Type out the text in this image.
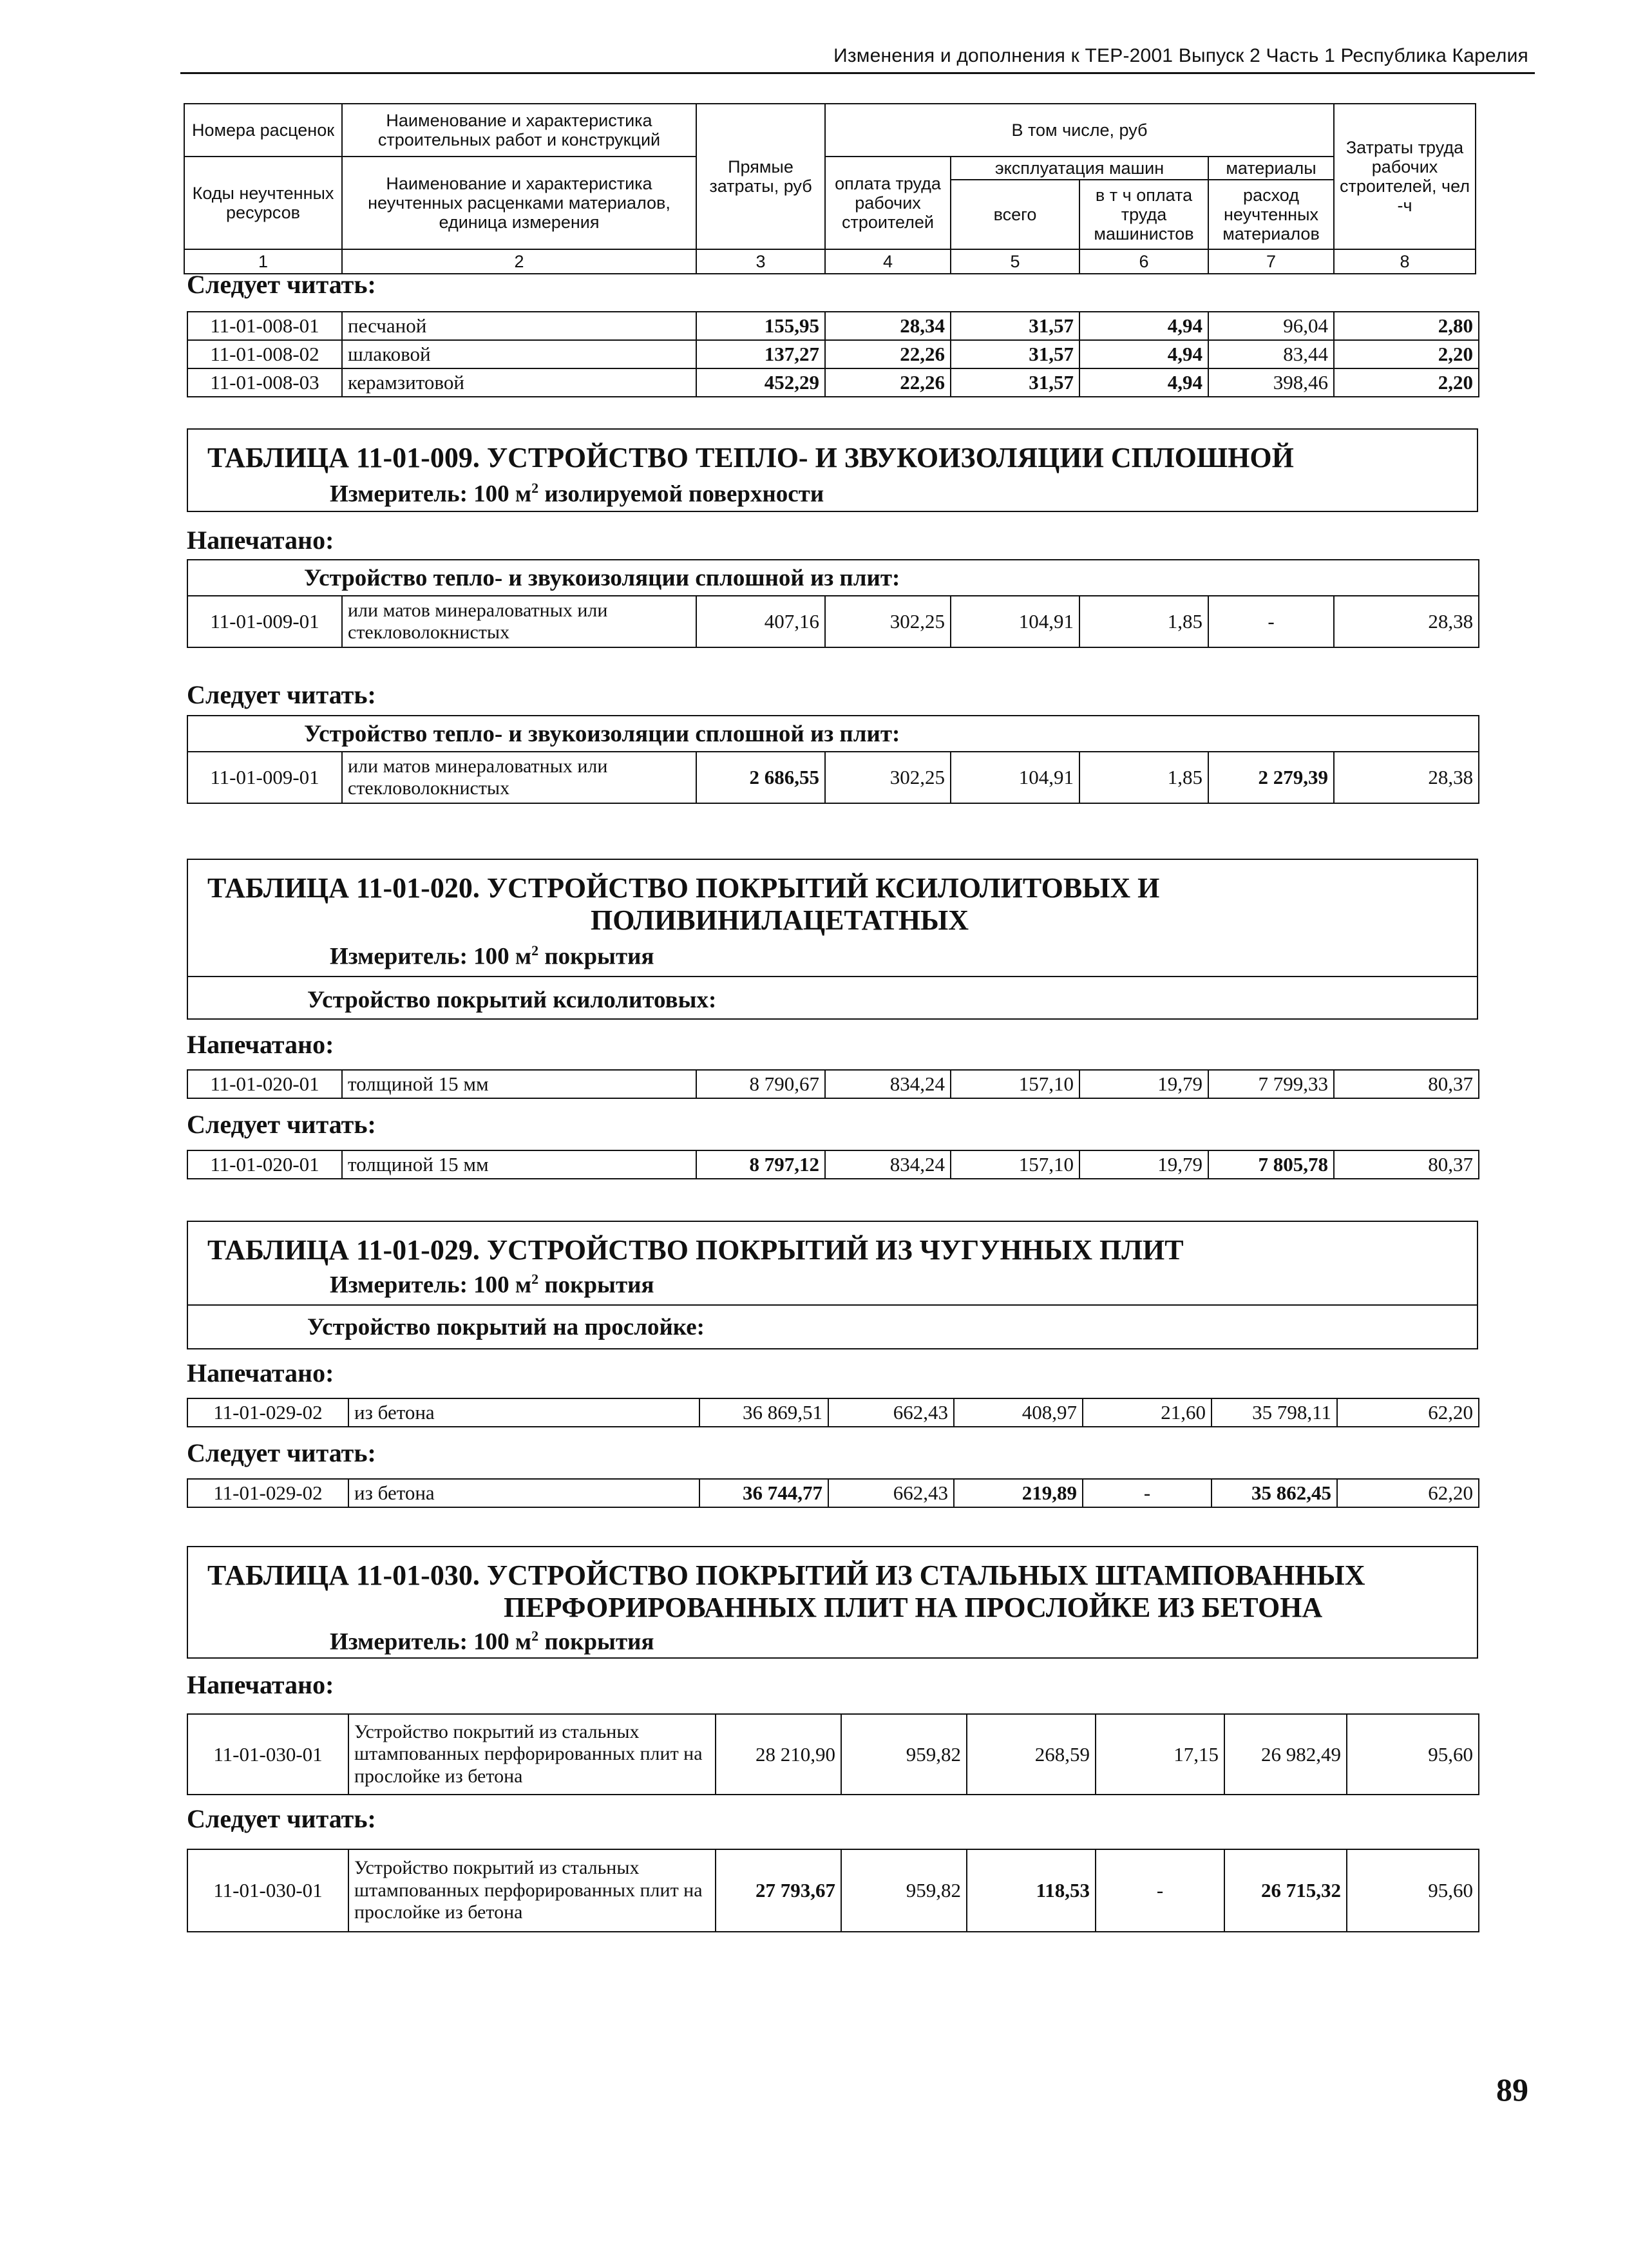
Изменения и дополнения к ТЕР-2001 Выпуск 2 Часть 1 Республика Карелия
Номера расценок	Наименование и характеристика строительных работ и конструкций	Прямые затраты, руб	В том числе, руб				Затраты труда рабочих строителей, чел -ч
Коды неучтенных ресурсов	Наименование и характеристика неучтенных расценками материалов, единица измерения		оплата труда рабочих строителей	эксплуатация машин		материалы	
				всего	в т ч оплата труда машинистов	расход неучтенных материалов	
1	2	3	4	5	6	7	8
Следует читать:
11-01-008-01	песчаной	155,95	28,34	31,57	4,94	96,04	2,80
11-01-008-02	шлаковой	137,27	22,26	31,57	4,94	83,44	2,20
11-01-008-03	керамзитовой	452,29	22,26	31,57	4,94	398,46	2,20
ТАБЛИЦА 11-01-009. УСТРОЙСТВО ТЕПЛО- И ЗВУКОИЗОЛЯЦИИ СПЛОШНОЙ
Измеритель: 100 $м^2$ изолируемой поверхности
Напечатано:
Устройство тепло- и звукоизоляции сплошной из плит:
11-01-009-01	или матов минераловатных или стекловолокнистых	407,16	302,25	104,91	1,85	-	28,38
Следует читать:
Устройство тепло- и звукоизоляции сплошной из плит:
11-01-009-01	или матов минераловатных или стекловолокнистых	2 686,55	302,25	104,91	1,85	2 279,39	28,38
ТАБЛИЦА 11-01-020. УСТРОЙСТВО ПОКРЫТИЙ КСИЛОЛИТОВЫХ И
ПОЛИВИНИЛАЦЕТАТНЫХ
Измеритель: 100 $м^2$ покрытия
Устройство покрытий ксилолитовых:
Напечатано:
11-01-020-01	толщиной 15 мм	8 790,67	834,24	157,10	19,79	7 799,33	80,37
Следует читать:
11-01-020-01	толщиной 15 мм	8 797,12	834,24	157,10	19,79	7 805,78	80,37
ТАБЛИЦА 11-01-029. УСТРОЙСТВО ПОКРЫТИЙ ИЗ ЧУГУННЫХ ПЛИТ
Измеритель: 100 $м^2$ покрытия
Устройство покрытий на прослойке:
Напечатано:
11-01-029-02	из бетона	36 869,51	662,43	408,97	21,60	35 798,11	62,20
Следует читать:
11-01-029-02	из бетона	36 744,77	662,43	219,89	-	35 862,45	62,20
ТАБЛИЦА 11-01-030. УСТРОЙСТВО ПОКРЫТИЙ ИЗ СТАЛЬНЫХ ШТАМПОВАННЫХ
ПЕРФОРИРОВАННЫХ ПЛИТ НА ПРОСЛОЙКЕ ИЗ БЕТОНА
Измеритель: 100 $м^2$ покрытия
Напечатано:
11-01-030-01	Устройство покрытий из стальных штампованных перфорированных плит на прослойке из бетона	28 210,90	959,82	268,59	17,15	26 982,49	95,60
Следует читать:
11-01-030-01	Устройство покрытий из стальных штампованных перфорированных плит на прослойке из бетона	27 793,67	959,82	118,53	-	26 715,32	95,60
89
